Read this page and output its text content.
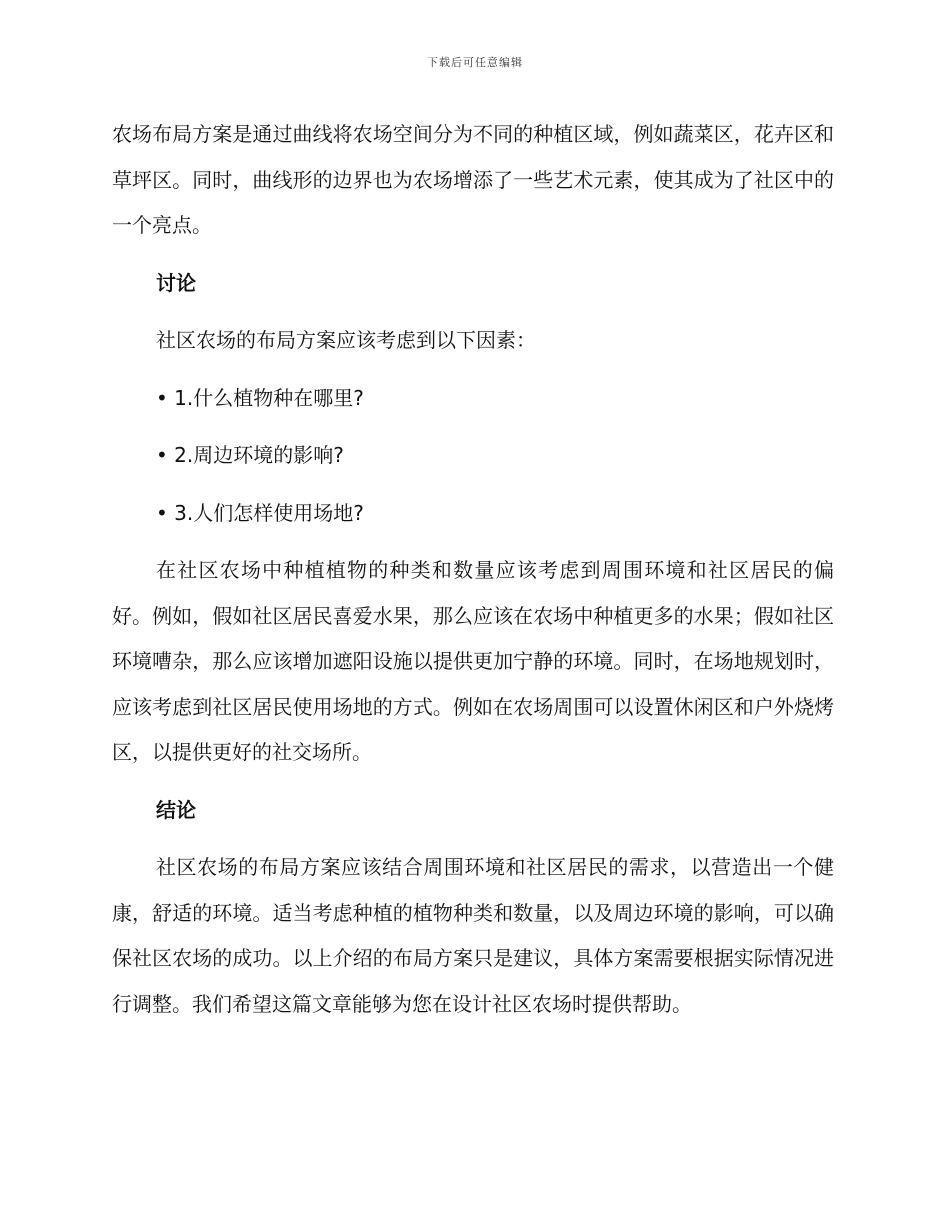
下载后可任意编辑

农场布局方案是通过曲线将农场空间分为不同的种植区域，例如蔬菜区，花卉区和草坪区。同时，曲线形的边界也为农场增添了一些艺术元素，使其成为了社区中的一个亮点。

讨论

社区农场的布局方案应该考虑到以下因素：

• 1.什么植物种在哪里?

• 2.周边环境的影响?

• 3.人们怎样使用场地?

在社区农场中种植植物的种类和数量应该考虑到周围环境和社区居民的偏好。例如，假如社区居民喜爱水果，那么应该在农场中种植更多的水果；假如社区环境嘈杂，那么应该增加遮阳设施以提供更加宁静的环境。同时，在场地规划时，应该考虑到社区居民使用场地的方式。例如在农场周围可以设置休闲区和户外烧烤区，以提供更好的社交场所。

结论

社区农场的布局方案应该结合周围环境和社区居民的需求，以营造出一个健康，舒适的环境。适当考虑种植的植物种类和数量，以及周边环境的影响，可以确保社区农场的成功。以上介绍的布局方案只是建议，具体方案需要根据实际情况进行调整。我们希望这篇文章能够为您在设计社区农场时提供帮助。
